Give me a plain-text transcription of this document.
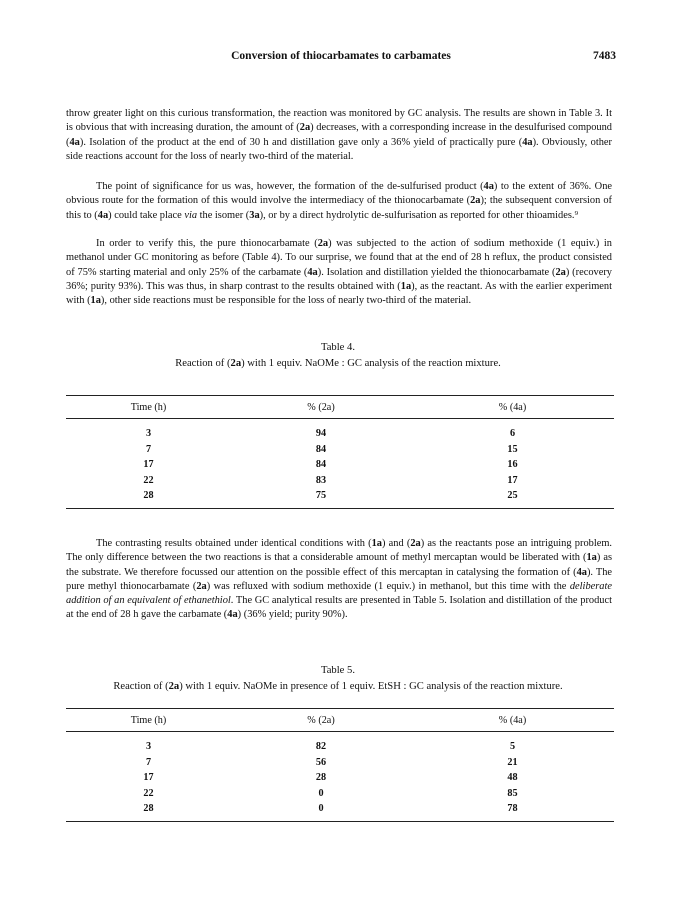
Conversion of thiocarbamates to carbamates	7483

throw greater light on this curious transformation, the reaction was monitored by GC analysis. The results are shown in Table 3. It is obvious that with increasing duration, the amount of (2a) decreases, with a corresponding increase in the desulfurised compound (4a). Isolation of the product at the end of 30 h and distillation gave only a 36% yield of practically pure (4a). Obviously, other side reactions account for the loss of nearly two-third of the material.

The point of significance for us was, however, the formation of the de-sulfurised product (4a) to the extent of 36%. One obvious route for the formation of this would involve the intermediacy of the thionocarbamate (2a); the subsequent conversion of this to (4a) could take place via the isomer (3a), or by a direct hydrolytic de-sulfurisation as reported for other thioamides.⁹

In order to verify this, the pure thionocarbamate (2a) was subjected to the action of sodium methoxide (1 equiv.) in methanol under GC monitoring as before (Table 4). To our surprise, we found that at the end of 28 h reflux, the product consisted of 75% starting material and only 25% of the carbamate (4a). Isolation and distillation yielded the thionocarbamate (2a) (recovery 36%; purity 93%). This was thus, in sharp contrast to the results obtained with (1a), as the reactant. As with the earlier experiment with (1a), other side reactions must be responsible for the loss of nearly two-third of the material.

Table 4.

Reaction of (2a) with 1 equiv. NaOMe : GC analysis of the reaction mixture.

Time (h)	% (2a)	% (4a)
3	94	6
7	84	15
17	84	16
22	83	17
28	75	25

The contrasting results obtained under identical conditions with (1a) and (2a) as the reactants pose an intriguing problem. The only difference between the two reactions is that a considerable amount of methyl mercaptan would be liberated with (1a) as the substrate. We therefore focussed our attention on the possible effect of this mercaptan in catalysing the formation of (4a). The pure methyl thionocarbamate (2a) was refluxed with sodium methoxide (1 equiv.) in methanol, but this time with the deliberate addition of an equivalent of ethanethiol. The GC analytical results are presented in Table 5. Isolation and distillation of the product at the end of 28 h gave the carbamate (4a) (36% yield; purity 90%).

Table 5.

Reaction of (2a) with 1 equiv. NaOMe in presence of 1 equiv. EtSH : GC analysis of the reaction mixture.

Time (h)	% (2a)	% (4a)
3	82	5
7	56	21
17	28	48
22	0	85
28	0	78
